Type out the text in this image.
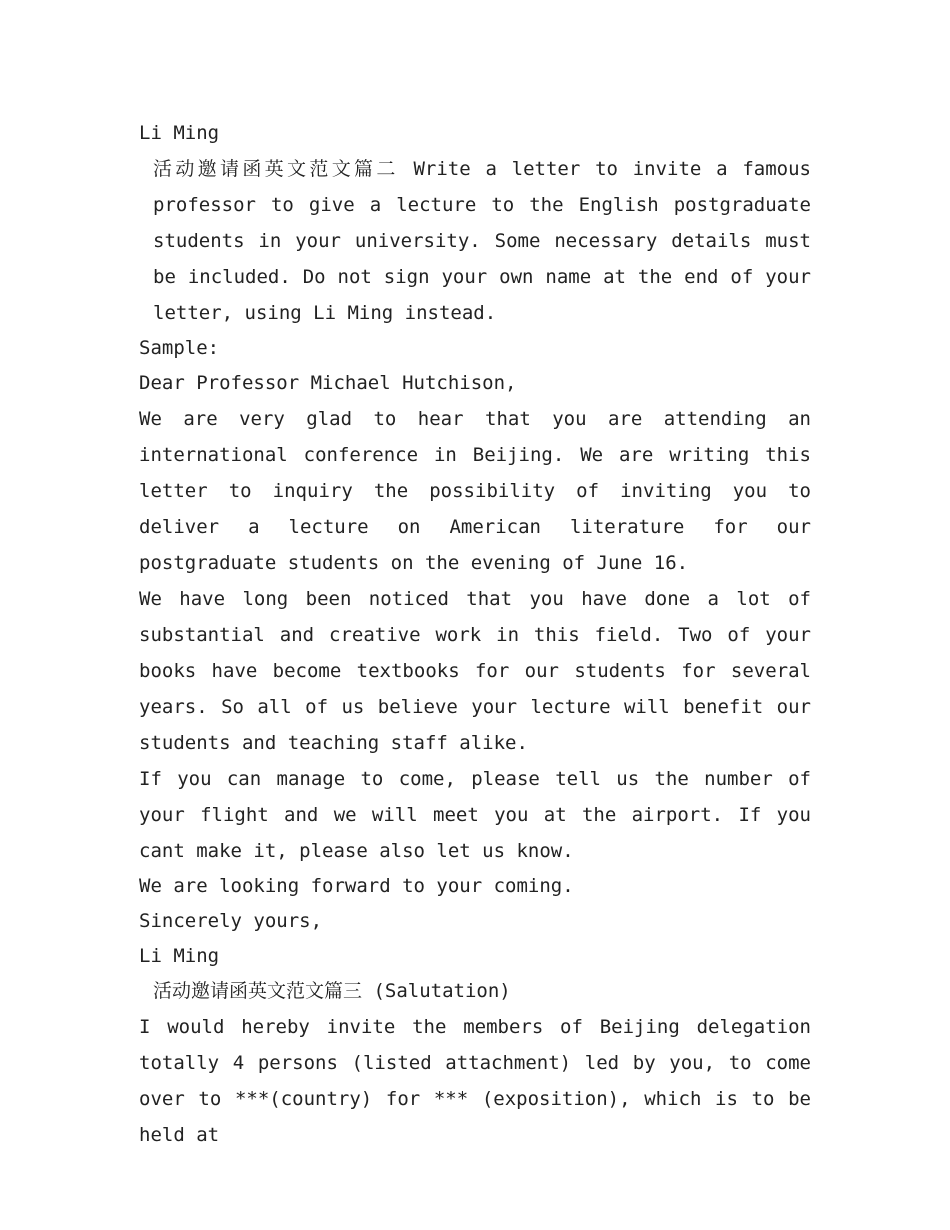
Li Ming

活动邀请函英文范文篇二 Write a letter to invite a famous professor to give a lecture to the English postgraduate students in your university. Some necessary details must be included. Do not sign your own name at the end of your letter, using Li Ming instead.

Sample:

Dear Professor Michael Hutchison,

We are very glad to hear that you are attending an international conference in Beijing. We are writing this letter to inquiry the possibility of inviting you to deliver a lecture on American literature for our postgraduate students on the evening of June 16.

We have long been noticed that you have done a lot of substantial and creative work in this field. Two of your books have become textbooks for our students for several years. So all of us believe your lecture will benefit our students and teaching staff alike.

If you can manage to come, please tell us the number of your flight and we will meet you at the airport. If you cant make it, please also let us know.

We are looking forward to your coming.

Sincerely yours,

Li Ming

活动邀请函英文范文篇三 (Salutation)

I would hereby invite the members of Beijing delegation totally 4 persons (listed attachment) led by you, to come over to ***(country) for *** (exposition), which is to be held at
